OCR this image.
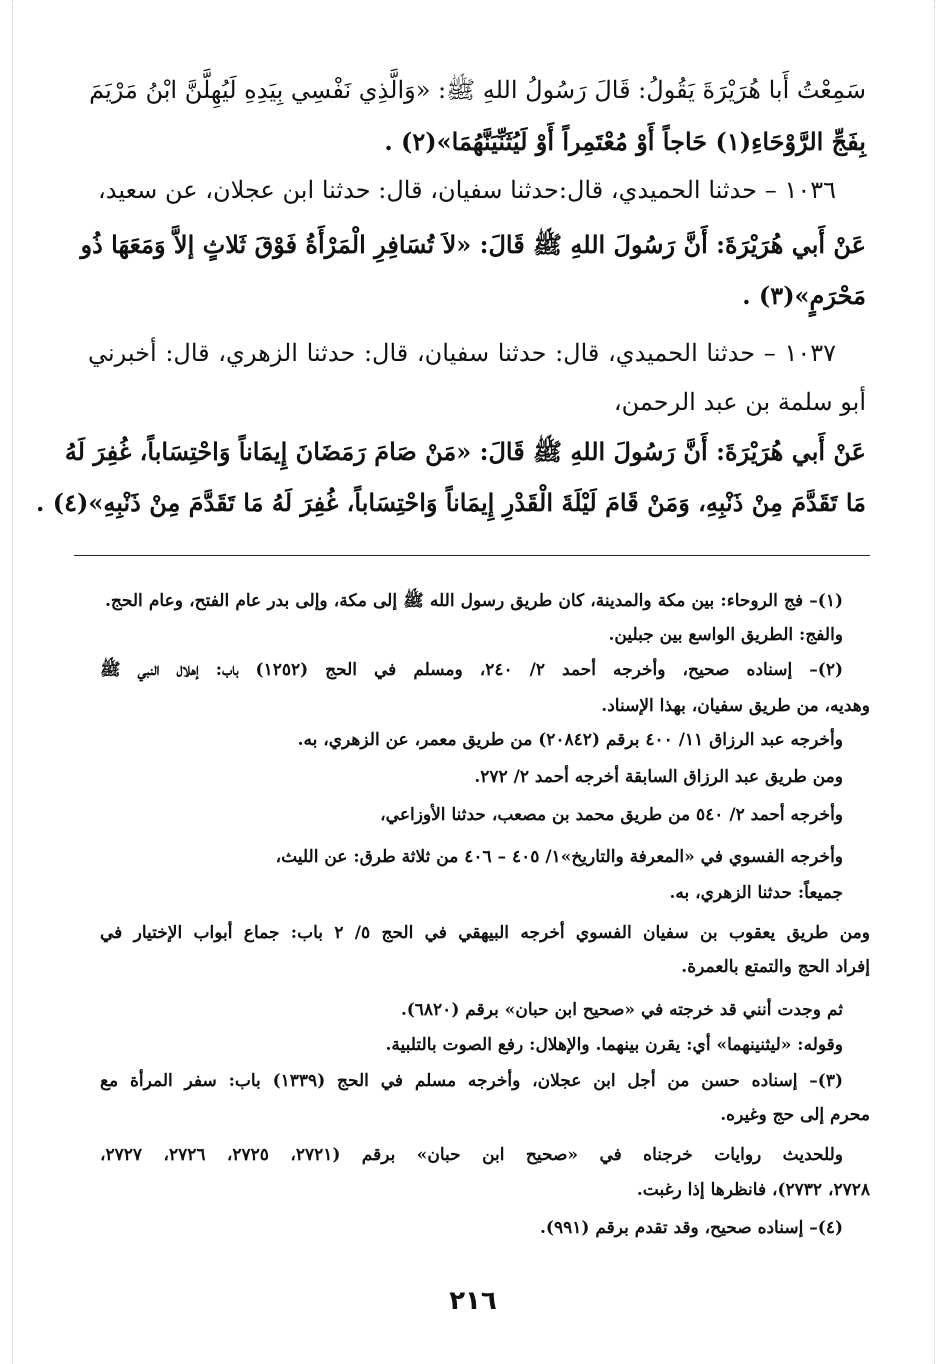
سَمِعْتُ أَبا هُرَيْرَةَ يَقُولُ: قَالَ رَسُولُ اللهِ ﷺ: «وَالَّذِي نَفْسِي بِيَدِهِ لَيُهِلَّنَّ ابْنُ مَرْيَمَ
بِفَجِّ الرَّوْحَاءِ(١) حَاجاً أَوْ مُعْتَمِراً أَوْ لَيُثَنِّيَنَّهُمَا»(٢) .
١٠٣٦ – حدثنا الحميدي، قال:حدثنا سفيان، قال: حدثنا ابن عجلان، عن سعيد،
عَنْ أَبي هُرَيْرَةَ: أَنَّ رَسُولَ اللهِ ﷺ قَالَ: «لاَ تُسَافِرِ الْمَرْأَةُ فَوْقَ ثَلاثٍ إلاَّ وَمَعَهَا ذُو
مَحْرَمٍ»(٣) .
١٠٣٧ – حدثنا الحميدي، قال: حدثنا سفيان، قال: حدثنا الزهري، قال: أخبرني
أبو سلمة بن عبد الرحمن،
عَنْ أَبي هُرَيْرَةَ: أَنَّ رَسُولَ اللهِ ﷺ قَالَ: «مَنْ صَامَ رَمَضَانَ إِيمَاناً وَاحْتِسَاباً، غُفِرَ لَهُ
مَا تَقَدَّمَ مِنْ ذَنْبِهِ، وَمَنْ قَامَ لَيْلَةَ الْقَدْرِ إِيمَاناً وَاحْتِسَاباً، غُفِرَ لَهُ مَا تَقَدَّمَ مِنْ ذَنْبِهِ»(٤) .
(١)– فج الروحاء: بين مكة والمدينة، كان طريق رسول الله ﷺ إلى مكة، وإلى بدر عام الفتح، وعام الحج.
والفج: الطريق الواسع بين جبلين.
(٢)– إسناده صحيح، وأخرجه أحمد ٢/ ٢٤٠، ومسلم في الحج (١٢٥٢) باب: إهلال النبي ﷺ
وهديه، من طريق سفيان، بهذا الإسناد.
وأخرجه عبد الرزاق ١١/ ٤٠٠ برقم (٢٠٨٤٢) من طريق معمر، عن الزهري، به.
ومن طريق عبد الرزاق السابقة أخرجه أحمد ٢/ ٢٧٢.
وأخرجه أحمد ٢/ ٥٤٠ من طريق محمد بن مصعب، حدثنا الأوزاعي،
وأخرجه الفسوي في «المعرفة والتاريخ»١/ ٤٠٥ – ٤٠٦ من ثلاثة طرق: عن الليث،
جميعاً: حدثنا الزهري، به.
ومن طريق يعقوب بن سفيان الفسوي أخرجه البيهقي في الحج ٥/ ٢ باب: جماع أبواب الإختيار في
إفراد الحج والتمتع بالعمرة.
ثم وجدت أنني قد خرجته في «صحيح ابن حبان» برقم (٦٨٢٠).
وقوله: «ليثنينهما» أي: يقرن بينهما. والإهلال: رفع الصوت بالتلبية.
(٣)– إسناده حسن من أجل ابن عجلان، وأخرجه مسلم في الحج (١٣٣٩) باب: سفر المرأة مع
محرم إلى حج وغيره.
وللحديث روايات خرجناه في «صحيح ابن حبان» برقم (٢٧٢١، ٢٧٢٥، ٢٧٢٦، ٢٧٢٧،
٢٧٢٨، ٢٧٣٢)، فانظرها إذا رغبت.
(٤)– إسناده صحيح، وقد تقدم برقم (٩٩١).
٢١٦
